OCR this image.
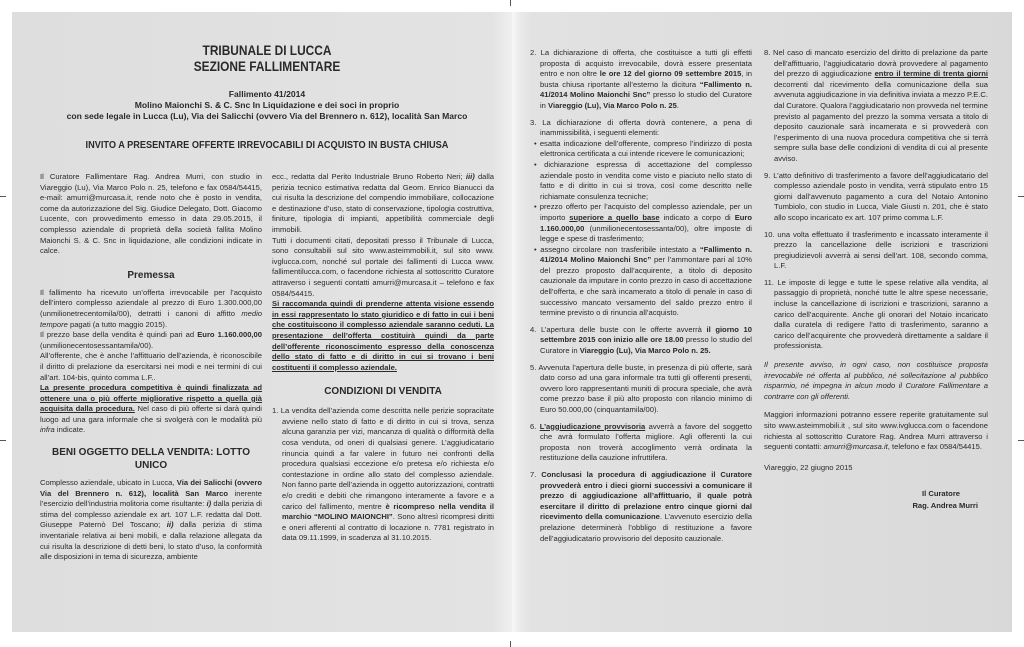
TRIBUNALE DI LUCCA
SEZIONE FALLIMENTARE
Fallimento 41/2014
Molino Maionchi S. & C. Snc In Liquidazione e dei soci in proprio
con sede legale in Lucca (Lu), Via dei Salicchi (ovvero Via del Brennero n. 612), località San Marco
INVITO A PRESENTARE OFFERTE IRREVOCABILI DI ACQUISTO IN BUSTA CHIUSA

Il Curatore Fallimentare Rag. Andrea Murri, con studio in Viareggio (Lu), Via Marco Polo n. 25, telefono e fax 0584/54415, e-mail: amurri@murcasa.it, rende noto che è posto in vendita, come da autorizzazione del Sig. Giudice Delegato, Dott. Giacomo Lucente, con provvedimento emesso in data 29.05.2015, il complesso aziendale di proprietà della società fallita Molino Maionchi S. & C. Snc in liquidazione, alle condizioni indicate in calce.

Premessa

Il fallimento ha ricevuto un’offerta irrevocabile per l’acquisto dell’intero complesso aziendale al prezzo di Euro 1.300.000,00 (unmilionetrecentomila/00), detratti i canoni di affitto medio tempore pagati (a tutto maggio 2015).

Il prezzo base della vendita è quindi pari ad Euro 1.160.000,00 (unmilionecentosessantamila/00).

All’offerente, che è anche l’affittuario dell’azienda, è riconoscibile il diritto di prelazione da esercitarsi nei modi e nei termini di cui all’art. 104-bis, quinto comma L.F..

La presente procedura competitiva è quindi finalizzata ad ottenere una o più offerte migliorative rispetto a quella già acquisita dalla procedura. Nel caso di più offerte si darà quindi luogo ad una gara informale che si svolgerà con le modalità più infra indicate.

BENI OGGETTO DELLA VENDITA: LOTTO UNICO

Complesso aziendale, ubicato in Lucca, Via dei Salicchi (ovvero Via del Brennero n. 612), località San Marco inerente l’esercizio dell’industria molitoria come risultante: i) dalla perizia di stima del complesso aziendale ex art. 107 L.F. redatta dal Dott. Giuseppe Paternò Del Toscano; ii) dalla perizia di stima inventariale relativa ai beni mobili, e dalla relazione allegata da cui risulta la descrizione di detti beni, lo stato d’uso, la conformità alle disposizioni in tema di sicurezza, ambiente

ecc., redatta dal Perito Industriale Bruno Roberto Neri; iii) dalla perizia tecnico estimativa redatta dal Geom. Enrico Bianucci da cui risulta la descrizione del compendio immobiliare, collocazione e destinazione d’uso, stato di conservazione, tipologia costruttiva, finiture, tipologia di impianti, appetibilità commerciale degli immobili.

Tutti i documenti citati, depositati presso il Tribunale di Lucca, sono consultabili sul sito www.asteimmobili.it, sul sito www. ivglucca.com, nonché sul portale dei fallimenti di Lucca www. fallimentilucca.com, o facendone richiesta al sottoscritto Curatore attraverso i seguenti contatti amurri@murcasa.it – telefono e fax 0584/54415.

Si raccomanda quindi di prenderne attenta visione essendo in essi rappresentato lo stato giuridico e di fatto in cui i beni che costituiscono il complesso aziendale saranno ceduti. La presentazione dell’offerta costituirà quindi da parte dell’offerente riconoscimento espresso della conoscenza dello stato di fatto e di diritto in cui si trovano i beni costituenti il complesso aziendale.

CONDIZIONI DI VENDITA

1. La vendita dell’azienda come descritta nelle perizie sopracitate avviene nello stato di fatto e di diritto in cui si trova, senza alcuna garanzia per vizi, mancanza di qualità o difformità della cosa venduta, od oneri di qualsiasi genere. L’aggiudicatario rinuncia quindi a far valere in futuro nei confronti della procedura qualsiasi eccezione e/o pretesa e/o richiesta e/o contestazione in ordine allo stato del complesso aziendale. Non fanno parte dell’azienda in oggetto autorizzazioni, contratti e/o crediti e debiti che rimangono interamente a favore e a carico del fallimento, mentre è ricompreso nella vendita il marchio “MOLINO MAIONCHI”. Sono altresì ricompresi diritti e oneri afferenti al contratto di locazione n. 7781 registrato in data 09.11.1999, in scadenza al 31.10.2015.

2. La dichiarazione di offerta, che costituisce a tutti gli effetti proposta di acquisto irrevocabile, dovrà essere presentata entro e non oltre le ore 12 del giorno 09 settembre 2015, in busta chiusa riportante all’esterno la dicitura “Fallimento n. 41/2014 Molino Maionchi Snc” presso lo studio del Curatore in Viareggio (Lu), Via Marco Polo n. 25.

3. La dichiarazione di offerta dovrà contenere, a pena di inammissibilità, i seguenti elementi:

• esatta indicazione dell’offerente, compreso l’indirizzo di posta elettronica certificata a cui intende ricevere le comunicazioni;

• dichiarazione espressa di accettazione del complesso aziendale posto in vendita come visto e piaciuto nello stato di fatto e di diritto in cui si trova, così come descritto nelle richiamate consulenza tecniche;

• prezzo offerto per l’acquisto del complesso aziendale, per un importo superiore a quello base indicato a corpo di Euro 1.160.000,00 (unmilionecentosessanta/00), oltre imposte di legge e spese di trasferimento;

• assegno circolare non trasferibile intestato a “Fallimento n. 41/2014 Molino Maionchi Snc” per l’ammontare pari al 10% del prezzo proposto dall’acquirente, a titolo di deposito cauzionale da imputare in conto prezzo in caso di accettazione dell’offerta, e che sarà incamerato a titolo di penale in caso di successivo mancato versamento del saldo prezzo entro il termine previsto o di rinuncia all’acquisto.

4. L’apertura delle buste con le offerte avverrà il giorno 10 settembre 2015 con inizio alle ore 18.00 presso lo studio del Curatore in Viareggio (Lu), Via Marco Polo n. 25.

5. Avvenuta l’apertura delle buste, in presenza di più offerte, sarà dato corso ad una gara informale tra tutti gli offerenti presenti, ovvero loro rappresentanti muniti di procura speciale, che avrà come prezzo base il più alto proposto con rilancio minimo di Euro 50.000,00 (cinquantamila/00).

6. L’aggiudicazione provvisoria avverrà a favore del soggetto che avrà formulato l’offerta migliore. Agli offerenti la cui proposta non troverà accoglimento verrà ordinata la restituzione della cauzione infruttifera.

7. Conclusasi la procedura di aggiudicazione il Curatore provvederà entro i dieci giorni successivi a comunicare il prezzo di aggiudicazione all’affittuario, il quale potrà esercitare il diritto di prelazione entro cinque giorni dal ricevimento della comunicazione. L’avvenuto esercizio della prelazione determinerà l’obbligo di restituzione a favore dell’aggiudicatario provvisorio del deposito cauzionale.

8. Nel caso di mancato esercizio del diritto di prelazione da parte dell’affittuario, l’aggiudicatario dovrà provvedere al pagamento del prezzo di aggiudicazione entro il termine di trenta giorni decorrenti dal ricevimento della comunicazione della sua avvenuta aggiudicazione in via definitiva inviata a mezzo P.E.C. dal Curatore. Qualora l’aggiudicatario non provveda nel termine previsto al pagamento del prezzo la somma versata a titolo di deposito cauzionale sarà incamerata e si provvederà con l’esperimento di una nuova procedura competitiva che si terrà sempre sulla base delle condizioni di vendita di cui al presente avviso.

9. L’atto definitivo di trasferimento a favore dell’aggiudicatario del complesso aziendale posto in vendita, verrà stipulato entro 15 giorni dall’avvenuto pagamento a cura del Notaio Antonino Tumbiolo, con studio in Lucca, Viale Giusti n. 201, che è stato allo scopo incaricato ex art. 107 primo comma L.F.

10. una volta effettuato il trasferimento e incassato interamente il prezzo la cancellazione delle iscrizioni e trascrizioni pregiudizievoli avverrà ai sensi dell’art. 108, secondo comma, L.F.

11. Le imposte di legge e tutte le spese relative alla vendita, al passaggio di proprietà, nonché tutte le altre spese necessarie, incluse la cancellazione di iscrizioni e trascrizioni, saranno a carico dell’acquirente. Anche gli onorari del Notaio incaricato dalla curatela di redigere l’atto di trasferimento, saranno a carico dell’acquirente che provvederà direttamente a saldare il professionista.

Il presente avviso, in ogni caso, non costituisce proposta irrevocabile né offerta al pubblico, né sollecitazione al pubblico risparmio, né impegna in alcun modo il Curatore Fallimentare a contrarre con gli offerenti.

Maggiori informazioni potranno essere reperite gratuitamente sul sito www.asteimmobili.it , sul sito www.ivglucca.com o facendone richiesta al sottoscritto Curatore Rag. Andrea Murri attraverso i seguenti contatti: amurri@murcasa.it, telefono e fax 0584/54415.

Viareggio, 22 giugno 2015

Il Curatore
Rag. Andrea Murri
